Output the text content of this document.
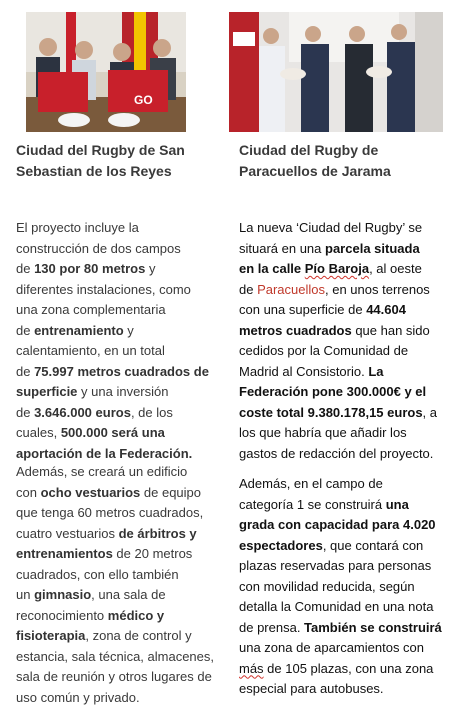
GO
Ciudad del Rugby de San Sebastian de los Reyes

El proyecto incluye la
construcción de dos campos
de 130 por 80 metros y
diferentes instalaciones, como
una zona complementaria
de entrenamiento y
calentamiento, en un total
de 75.997 metros cuadrados de
superficie y una inversión
de 3.646.000 euros, de los
cuales, 500.000 será una
aportación de la Federación.

Además, se creará un edificio
con ocho vestuarios de equipo
que tenga 60 metros cuadrados,
cuatro vestuarios de árbitros y
entrenamientos de 20 metros
cuadrados, con ello también
un gimnasio, una sala de
reconocimiento médico y
fisioterapia, zona de control y
estancia, sala técnica, almacenes,
sala de reunión y otros lugares de
uso común y privado.

Ciudad del Rugby de Paracuellos de Jarama

La nueva ‘Ciudad del Rugby’ se
situará en una parcela situada
en la calle Pío Baroja, al oeste
de Paracuellos, en unos terrenos
con una superficie de 44.604
metros cuadrados que han sido
cedidos por la Comunidad de
Madrid al Consistorio. La
Federación pone 300.000€ y el
coste total 9.380.178,15 euros, a
los que habría que añadir los
gastos de redacción del proyecto.

Además, en el campo de
categoría 1 se construirá una
grada con capacidad para 4.020
espectadores, que contará con
plazas reservadas para personas
con movilidad reducida, según
detalla la Comunidad en una nota
de prensa. También se construirá
una zona de aparcamientos con
más de 105 plazas, con una zona
especial para autobuses.
